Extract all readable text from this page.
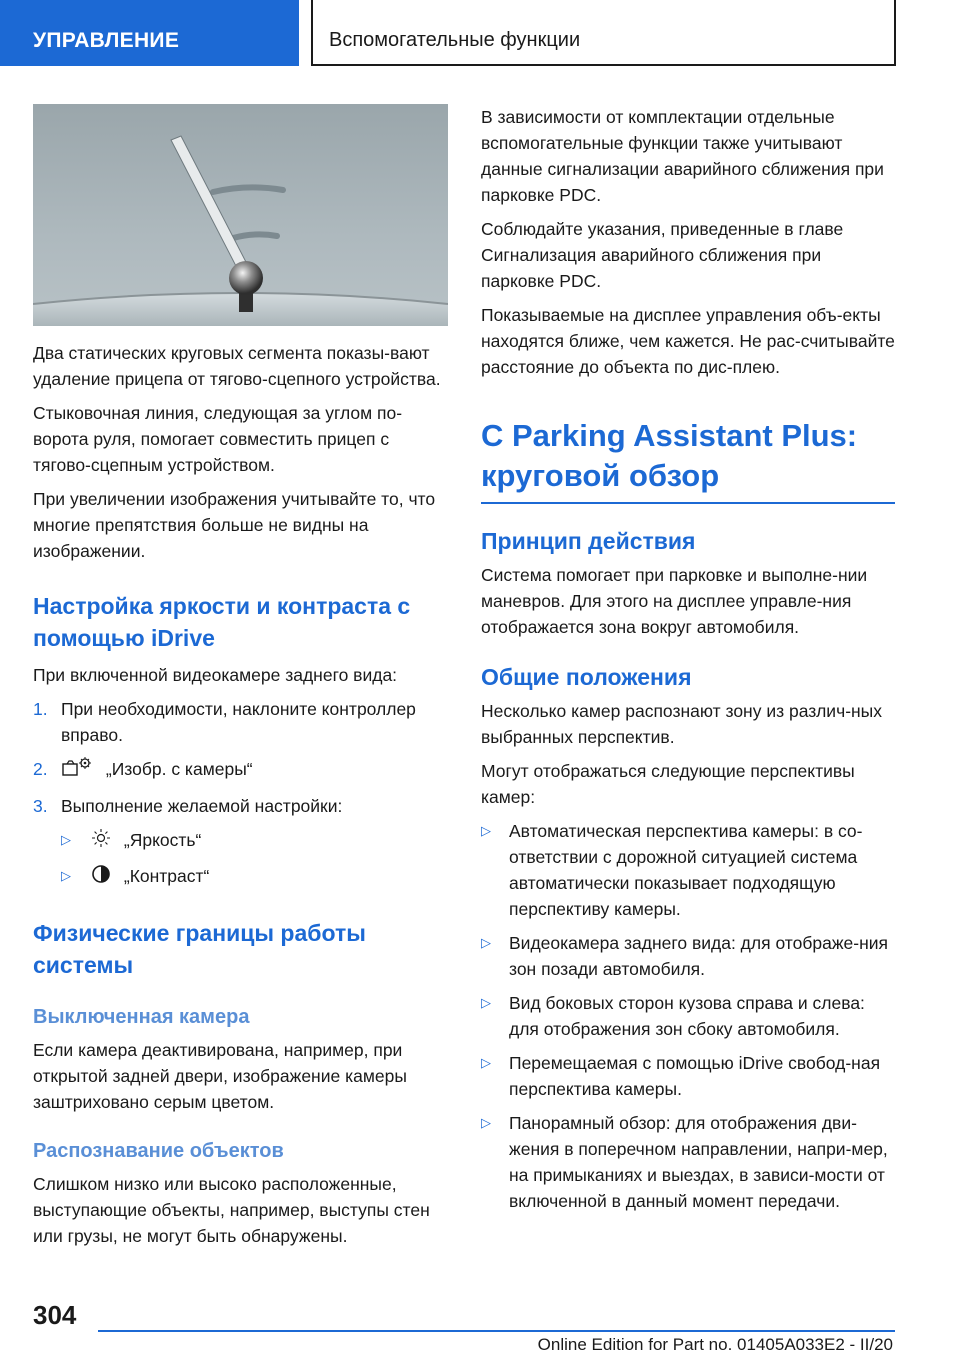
УПРАВЛЕНИЕ	Вспомогательные функции

Два статических круговых сегмента показы-вают удаление прицепа от тягово-сцепного устройства.

Стыковочная линия, следующая за углом по-ворота руля, помогает совместить прицеп с тягово-сцепным устройством.

При увеличении изображения учитывайте то, что многие препятствия больше не видны на изображении.

Настройка яркости и контраста с помощью iDrive

При включенной видеокамере заднего вида:

1. При необходимости, наклоните контроллер вправо.
2.	„Изобр. с камеры“
3. Выполнение желаемой настройки:
▷	„Яркость“
▷	„Контраст“
Физические границы работы системы
Выключенная камера

Если камера деактивирована, например, при открытой задней двери, изображение камеры заштриховано серым цветом.

Распознавание объектов

Слишком низко или высоко расположенные, выступающие объекты, например, выступы стен или грузы, не могут быть обнаружены.

В зависимости от комплектации отдельные вспомогательные функции также учитывают данные сигнализации аварийного сближения при парковке PDC.

Соблюдайте указания, приведенные в главе Сигнализация аварийного сближения при парковке PDC.

Показываемые на дисплее управления объ-екты находятся ближе, чем кажется. Не рас-считывайте расстояние до объекта по дис-плею.

C Parking Assistant Plus: круговой обзор
Принцип действия

Система помогает при парковке и выполне-нии маневров. Для этого на дисплее управле-ния отображается зона вокруг автомобиля.

Общие положения

Несколько камер распознают зону из различ-ных выбранных перспектив.

Могут отображаться следующие перспективы камер:

▷ Автоматическая перспектива камеры: в со-ответствии с дорожной ситуацией система автоматически показывает подходящую перспективу камеры.
▷ Видеокамера заднего вида: для отображе-ния зон позади автомобиля.
▷ Вид боковых сторон кузова справа и слева: для отображения зон сбоку автомобиля.
▷ Перемещаемая с помощью iDrive свобод-ная перспектива камеры.
▷ Панорамный обзор: для отображения дви-жения в поперечном направлении, напри-мер, на примыканиях и выездах, в зависи-мости от включенной в данный момент передачи.
304
Online Edition for Part no. 01405A033E2 - II/20
